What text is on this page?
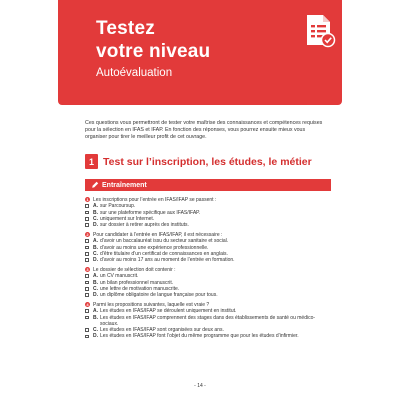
Testez
votre niveau
Autoévaluation
Ces questions vous permettront de tester votre maîtrise des connaissances et compétences requises pour la sélection en IFAS et IFAP. En fonction des réponses, vous pourrez ensuite mieux vous organiser pour tirer le meilleur profit de cet ouvrage.
1 Test sur l’inscription, les études, le métier
Entraînement
1 Les inscriptions pour l’entrée en IFAS/IFAP se passent :
A. sur Parcoursup.
B. sur une plateforme spécifique aux IFAS/IFAP.
C. uniquement sur Internet.
D. sur dossier à retirer auprès des instituts.
2 Pour candidater à l’entrée en IFAS/IFAP, il est nécessaire :
A. d’avoir un baccalauréat issu du secteur sanitaire et social.
B. d’avoir au moins une expérience professionnelle.
C. d’être titulaire d’un certificat de connaissances en anglais.
D. d’avoir au moins 17 ans au moment de l’entrée en formation.
3 Le dossier de sélection doit contenir :
A. un CV manuscrit.
B. un bilan professionnel manuscrit.
C. une lettre de motivation manuscrite.
D. un diplôme obligatoire de langue française pour tous.
4 Parmi les propositions suivantes, laquelle est vraie ?
A. Les études en IFAS/IFAP se déroulent uniquement en institut.
B. Les études en IFAS/IFAP comprennent des stages dans des établissements de santé ou médico-sociaux.
C. Les études en IFAS/IFAP sont organisées sur deux ans.
D. Les études en IFAS/IFAP font l’objet du même programme que pour les études d’infirmier.
- 14 -
